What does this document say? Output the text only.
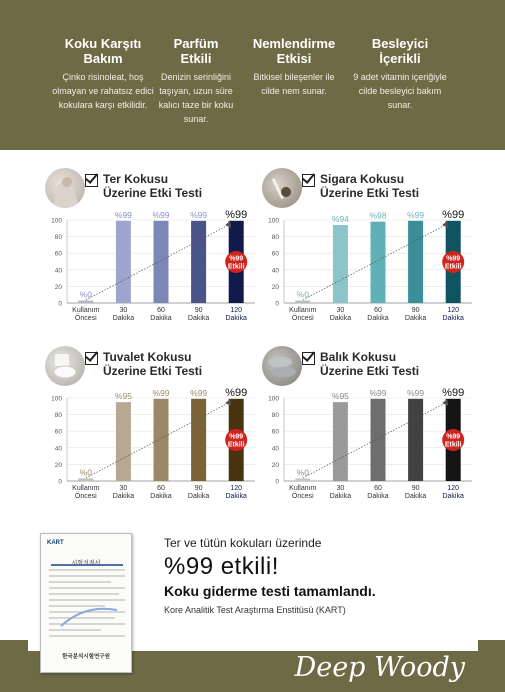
Koku Karşıtı Bakım
Çinko risinoleat, hoş olmayan ve rahatsız edici kokulara karşı etkilidir.
Parfüm Etkili
Denizin serinliğini taşıyan, uzun süre kalıcı taze bir koku sunar.
Nemlendirme Etkisi
Bitkisel bileşenler ile cilde nem sunar.
Besleyici İçerikli
9 adet vitamin içeriğiyle cilde besleyici bakım sunar.
Ter Kokusu
Üzerine Etki Testi
0
20
40
60
80
100
%0
Kullanım
Öncesi
%99
30
Dakika
%99
60
Dakika
%99
90
Dakika
%99
120
Dakika
%99
Etkili
Sigara Kokusu
Üzerine Etki Testi
0
20
40
60
80
100
%0
Kullanım
Öncesi
%94
30
Dakika
%98
60
Dakika
%99
90
Dakika
%99
120
Dakika
%99
Etkili
Tuvalet Kokusu
Üzerine Etki Testi
0
20
40
60
80
100
%0
Kullanım
Öncesi
%95
30
Dakika
%99
60
Dakika
%99
90
Dakika
%99
120
Dakika
%99
Etkili
Balık Kokusu
Üzerine Etki Testi
0
20
40
60
80
100
%0
Kullanım
Öncesi
%95
30
Dakika
%99
60
Dakika
%99
90
Dakika
%99
120
Dakika
%99
Etkili
KART
한국분석시험연구원
Ter ve tütün kokuları üzerinde
%99 etkili!
Koku giderme testi tamamlandı.
Kore Analitik Test Araştırma Enstitüsü (KART)
Deep Woody
